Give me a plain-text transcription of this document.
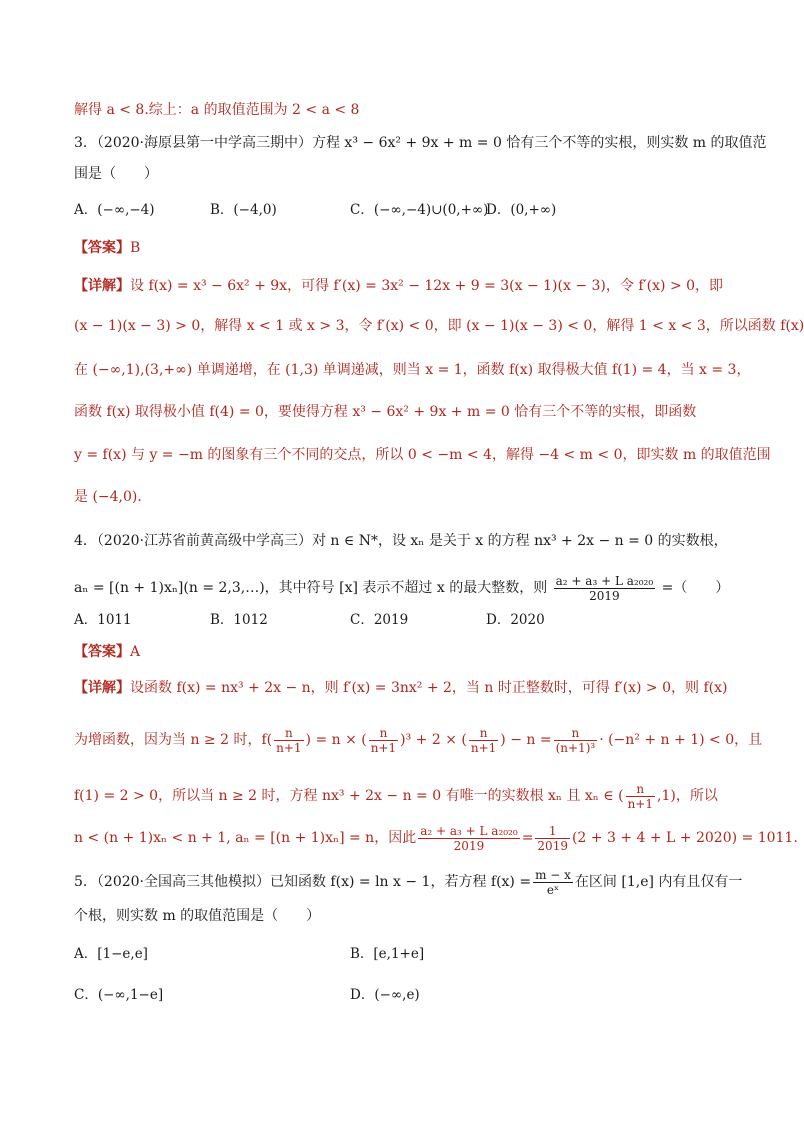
解得 a < 8.综上：a 的取值范围为 2 < a < 8
3．（2020·海原县第一中学高三期中）方程 x³ − 6x² + 9x + m = 0 恰有三个不等的实根，则实数 m 的取值范
围是（　　）
A．(−∞,−4)	B．(−4,0)	C．(−∞,−4)∪(0,+∞)
D．(0,+∞)
【答案】B
【详解】设 f(x) = x³ − 6x² + 9x，可得 f′(x) = 3x² − 12x + 9 = 3(x − 1)(x − 3)，令 f′(x) > 0，即
(x − 1)(x − 3) > 0，解得 x < 1 或 x > 3，令 f′(x) < 0，即 (x − 1)(x − 3) < 0，解得 1 < x < 3，所以函数 f(x)
在 (−∞,1),(3,+∞) 单调递增，在 (1,3) 单调递减，则当 x = 1，函数 f(x) 取得极大值 f(1) = 4，当 x = 3，
函数 f(x) 取得极小值 f(4) = 0，要使得方程 x³ − 6x² + 9x + m = 0 恰有三个不等的实根，即函数
y = f(x) 与 y = −m 的图象有三个不同的交点，所以 0 < −m < 4，解得 −4 < m < 0，即实数 m 的取值范围
是 (−4,0)．
4．（2020·江苏省前黄高级中学高三）对 n ∈ N*，设 xₙ 是关于 x 的方程 nx³ + 2x − n = 0 的实数根，
aₙ = [(n + 1)xₙ](n = 2,3,…)，其中符号 [x] 表示不超过 x 的最大整数，则 $\frac{\text{a₂ + a₃ + L a₂₀₂₀}}{2019}$ =（　　）
A．1011	B．1012	C．2019	D．2020
【答案】A
【详解】设函数 f(x) = nx³ + 2x − n，则 f′(x) = 3nx² + 2，当 n 时正整数时，可得 f′(x) > 0，则 f(x)
为增函数，因为当 n ≥ 2 时，$f( \frac{n}{n+1}$ ) = n × ( $\frac{n}{n+1} )^3 + 2$ × ( $\frac{n}{n+1}$ ) − $n = \frac{n}{\text{(n+1)³}} \cdot (-n^2 + n + 1) < 0$，且
f(1) = 2 > 0，所以当 n ≥ 2 时，方程 nx³ + 2x − n = 0 有唯一的实数根 xₙ 且 xₙ ∈ ( $\frac{n}{n+1} ,1$)，所以
n < (n + 1)xₙ < n + 1, aₙ = [(n + 1)xₙ] = n，因此 $\frac{\text{a₂ + a₃ + L a₂₀₂₀}}{2019} = \frac{1}{2019} (2 + 3 + 4 + L + 2020) = 1011$.
5．（2020·全国高三其他模拟）已知函数 f(x) = ln x − 1，若方程 $f(x) = \frac{m - x}{\text{eˣ}}$ 在区间 [1,e] 内有且仅有一
个根，则实数 m 的取值范围是（　　）
A．[1−e,e]	B．[e,1+e]
C．(−∞,1−e]	D．(−∞,e)
